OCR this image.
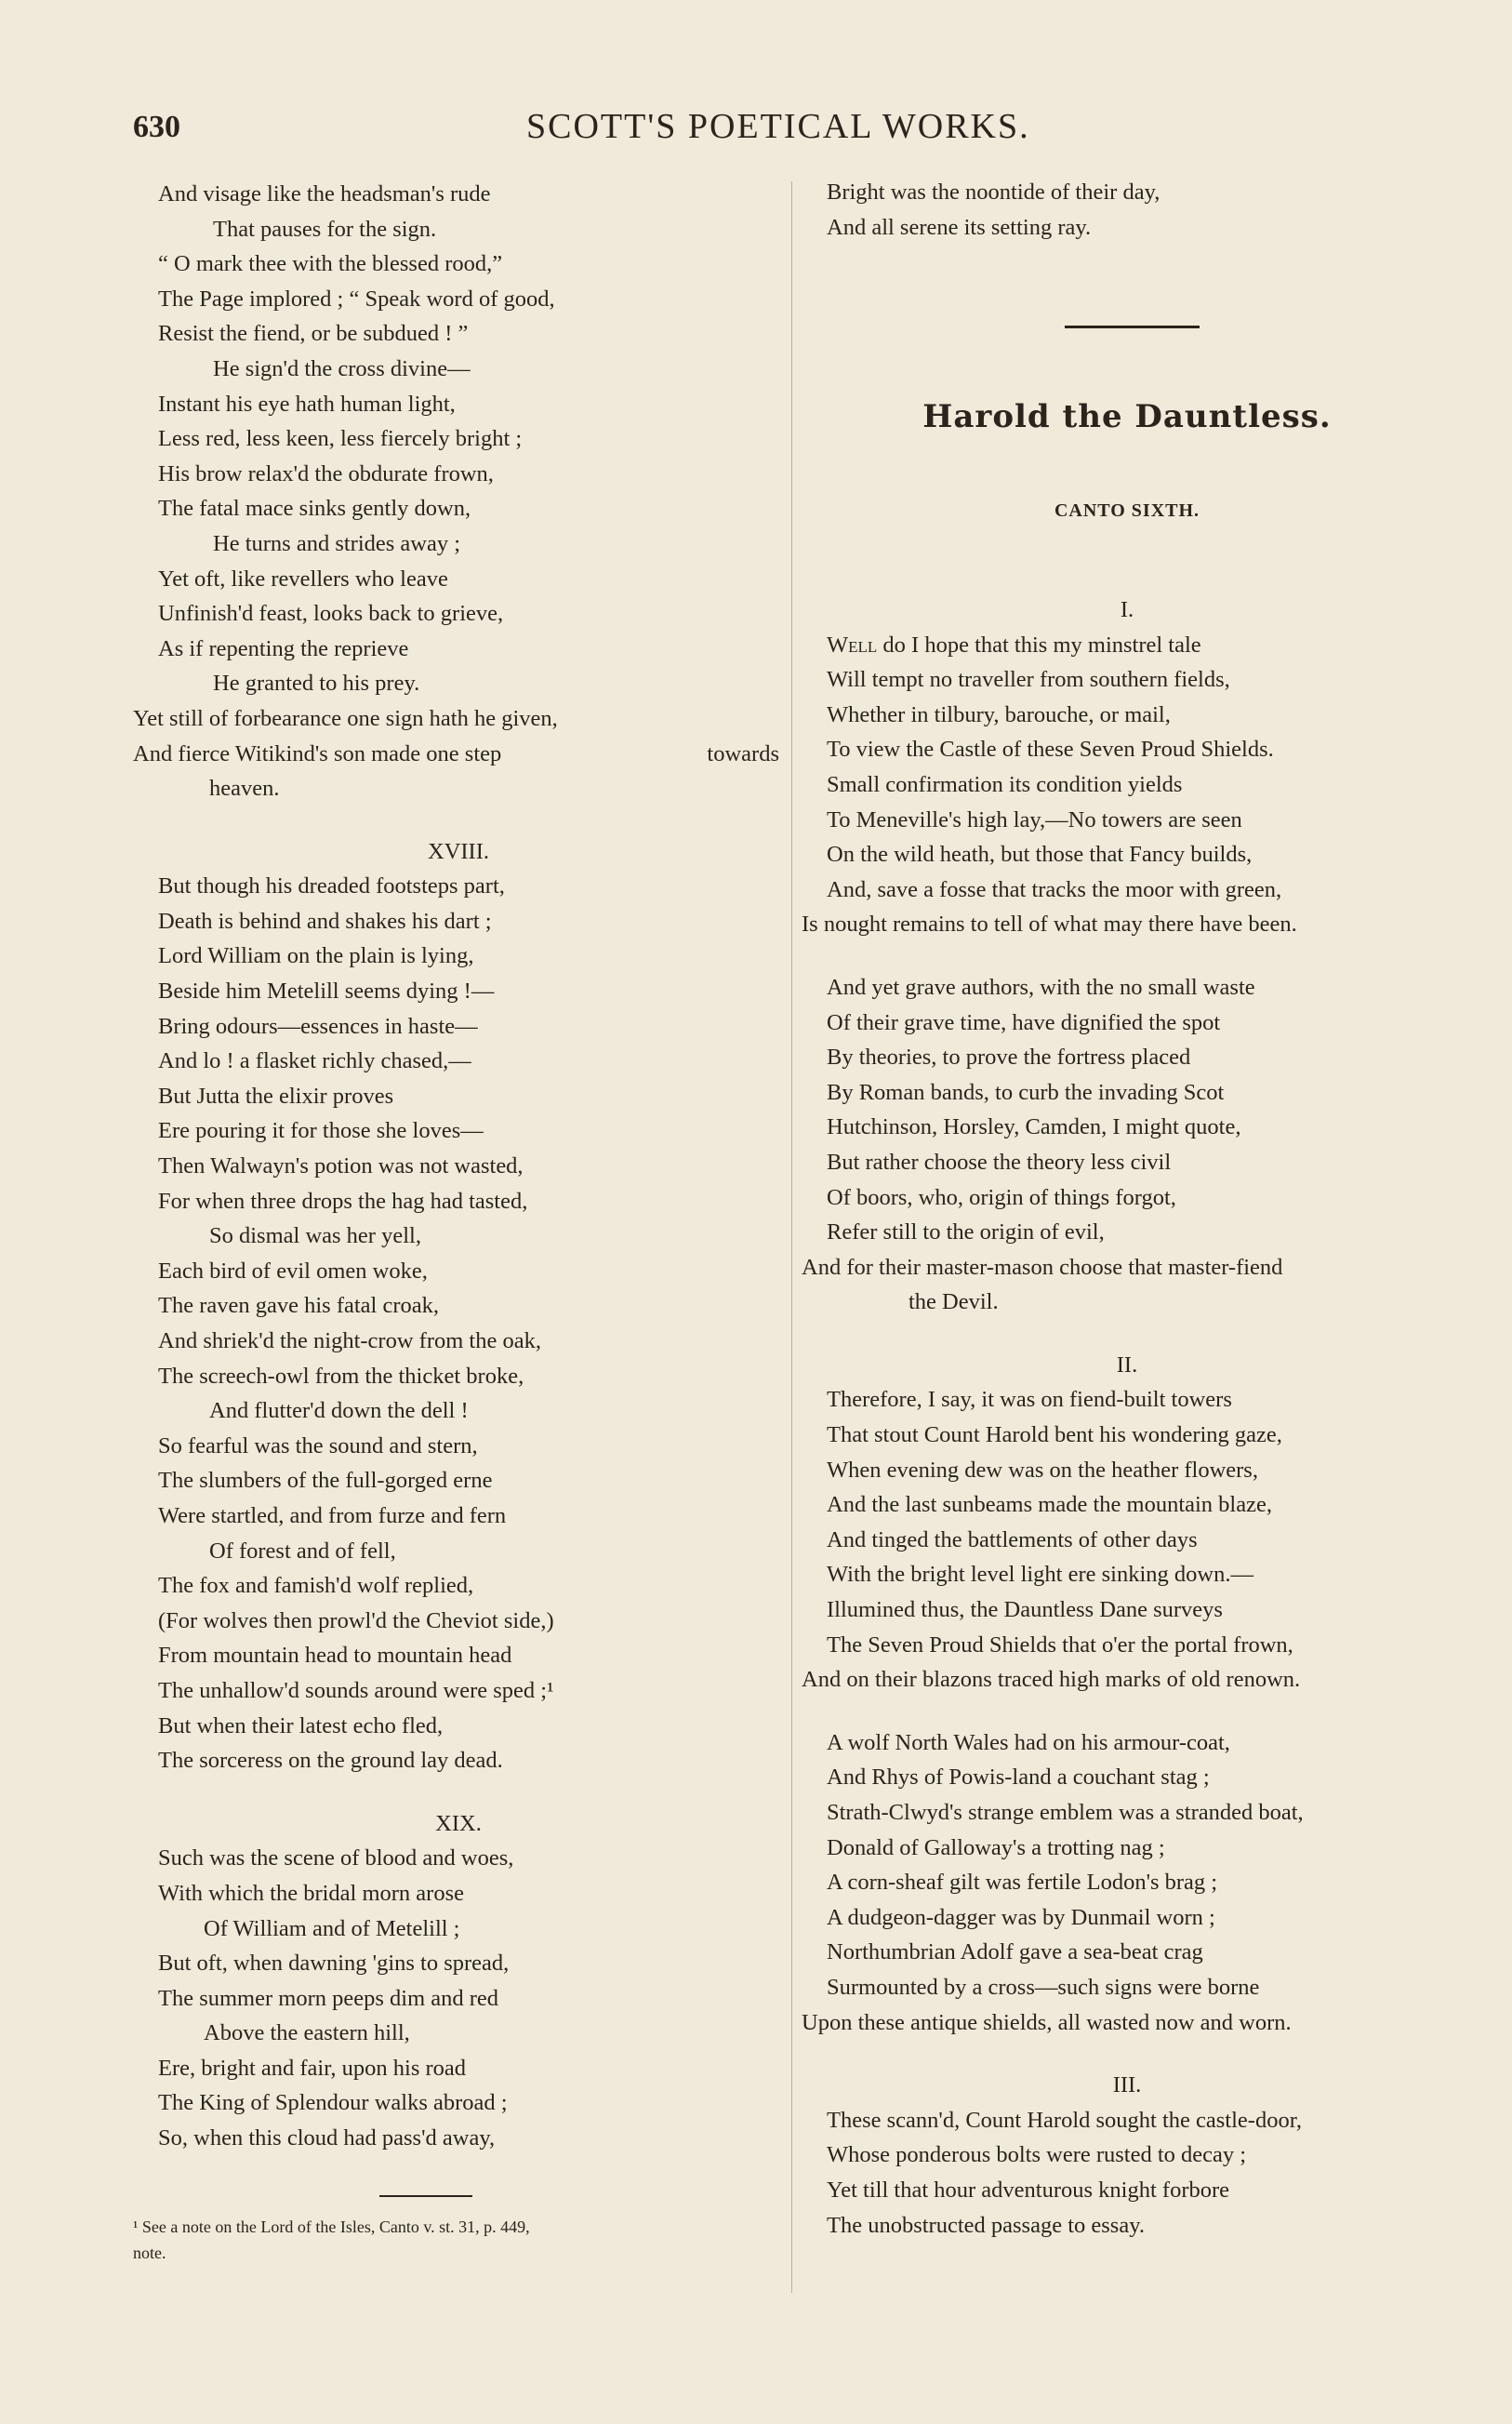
630	SCOTT'S POETICAL WORKS.
And visage like the headsman's rude
That pauses for the sign.
“ O mark thee with the blessed rood,”
The Page implored ; “ Speak word of good,
Resist the fiend, or be subdued ! ”
He sign'd the cross divine—
Instant his eye hath human light,
Less red, less keen, less fiercely bright ;
His brow relax'd the obdurate frown,
The fatal mace sinks gently down,
He turns and strides away ;
Yet oft, like revellers who leave
Unfinish'd feast, looks back to grieve,
As if repenting the reprieve
He granted to his prey.
Yet still of forbearance one sign hath he given,
And fierce Witikind's son made one step	towards
heaven.
XVIII.
But though his dreaded footsteps part,
Death is behind and shakes his dart ;
Lord William on the plain is lying,
Beside him Metelill seems dying !—
Bring odours—essences in haste—
And lo ! a flasket richly chased,—
But Jutta the elixir proves
Ere pouring it for those she loves—
Then Walwayn's potion was not wasted,
For when three drops the hag had tasted,
So dismal was her yell,
Each bird of evil omen woke,
The raven gave his fatal croak,
And shriek'd the night-crow from the oak,
The screech-owl from the thicket broke,
And flutter'd down the dell !
So fearful was the sound and stern,
The slumbers of the full-gorged erne
Were startled, and from furze and fern
Of forest and of fell,
The fox and famish'd wolf replied,
(For wolves then prowl'd the Cheviot side,)
From mountain head to mountain head
The unhallow'd sounds around were sped ;¹
But when their latest echo fled,
The sorceress on the ground lay dead.
XIX.
Such was the scene of blood and woes,
With which the bridal morn arose
Of William and of Metelill ;
But oft, when dawning 'gins to spread,
The summer morn peeps dim and red
Above the eastern hill,
Ere, bright and fair, upon his road
The King of Splendour walks abroad ;
So, when this cloud had pass'd away,
¹ See a note on the Lord of the Isles, Canto v. st. 31, p. 449,
note.
Bright was the noontide of their day,
And all serene its setting ray.
Harold the Dauntless.
CANTO SIXTH.
I.
Well do I hope that this my minstrel tale
Will tempt no traveller from southern fields,
Whether in tilbury, barouche, or mail,
To view the Castle of these Seven Proud Shields.
Small confirmation its condition yields
To Meneville's high lay,—No towers are seen
On the wild heath, but those that Fancy builds,
And, save a fosse that tracks the moor with green,
Is nought remains to tell of what may there have been.
And yet grave authors, with the no small waste
Of their grave time, have dignified the spot
By theories, to prove the fortress placed
By Roman bands, to curb the invading Scot
Hutchinson, Horsley, Camden, I might quote,
But rather choose the theory less civil
Of boors, who, origin of things forgot,
Refer still to the origin of evil,
And for their master-mason choose that master-fiend
the Devil.
II.
Therefore, I say, it was on fiend-built towers
That stout Count Harold bent his wondering gaze,
When evening dew was on the heather flowers,
And the last sunbeams made the mountain blaze,
And tinged the battlements of other days
With the bright level light ere sinking down.—
Illumined thus, the Dauntless Dane surveys
The Seven Proud Shields that o'er the portal frown,
And on their blazons traced high marks of old renown.
A wolf North Wales had on his armour-coat,
And Rhys of Powis-land a couchant stag ;
Strath-Clwyd's strange emblem was a stranded boat,
Donald of Galloway's a trotting nag ;
A corn-sheaf gilt was fertile Lodon's brag ;
A dudgeon-dagger was by Dunmail worn ;
Northumbrian Adolf gave a sea-beat crag
Surmounted by a cross—such signs were borne
Upon these antique shields, all wasted now and worn.
III.
These scann'd, Count Harold sought the castle-door,
Whose ponderous bolts were rusted to decay ;
Yet till that hour adventurous knight forbore
The unobstructed passage to essay.
